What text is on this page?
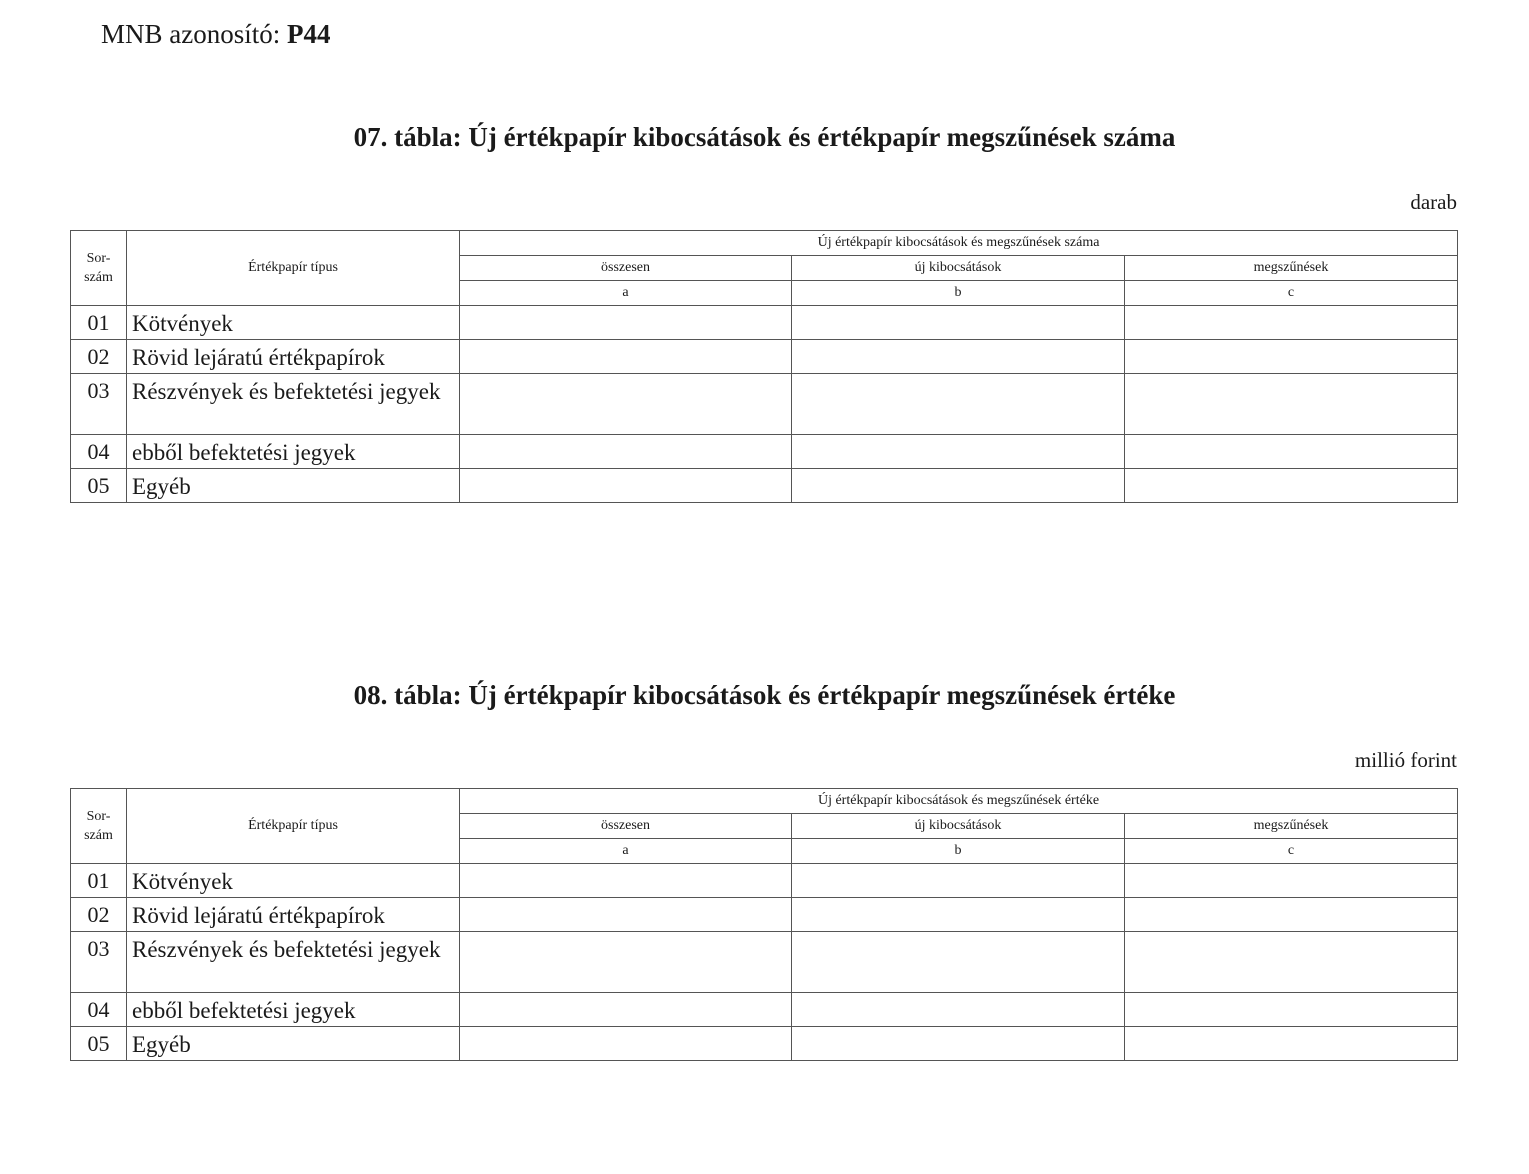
MNB azonosító: P44
07. tábla: Új értékpapír kibocsátások és értékpapír megszűnések száma
darab
Sor-
szám	Értékpapír típus	Új értékpapír kibocsátások és megszűnések száma		
		összesen	új kibocsátások	megszűnések
		a	b	c
01	Kötvények			
02	Rövid lejáratú értékpapírok			
03	Részvények és befektetési jegyek			
04	ebből befektetési jegyek			
05	Egyéb			
08. tábla: Új értékpapír kibocsátások és értékpapír megszűnések értéke
millió forint
Sor-
szám	Értékpapír típus	Új értékpapír kibocsátások és megszűnések értéke		
		összesen	új kibocsátások	megszűnések
		a	b	c
01	Kötvények			
02	Rövid lejáratú értékpapírok			
03	Részvények és befektetési jegyek			
04	ebből befektetési jegyek			
05	Egyéb			
